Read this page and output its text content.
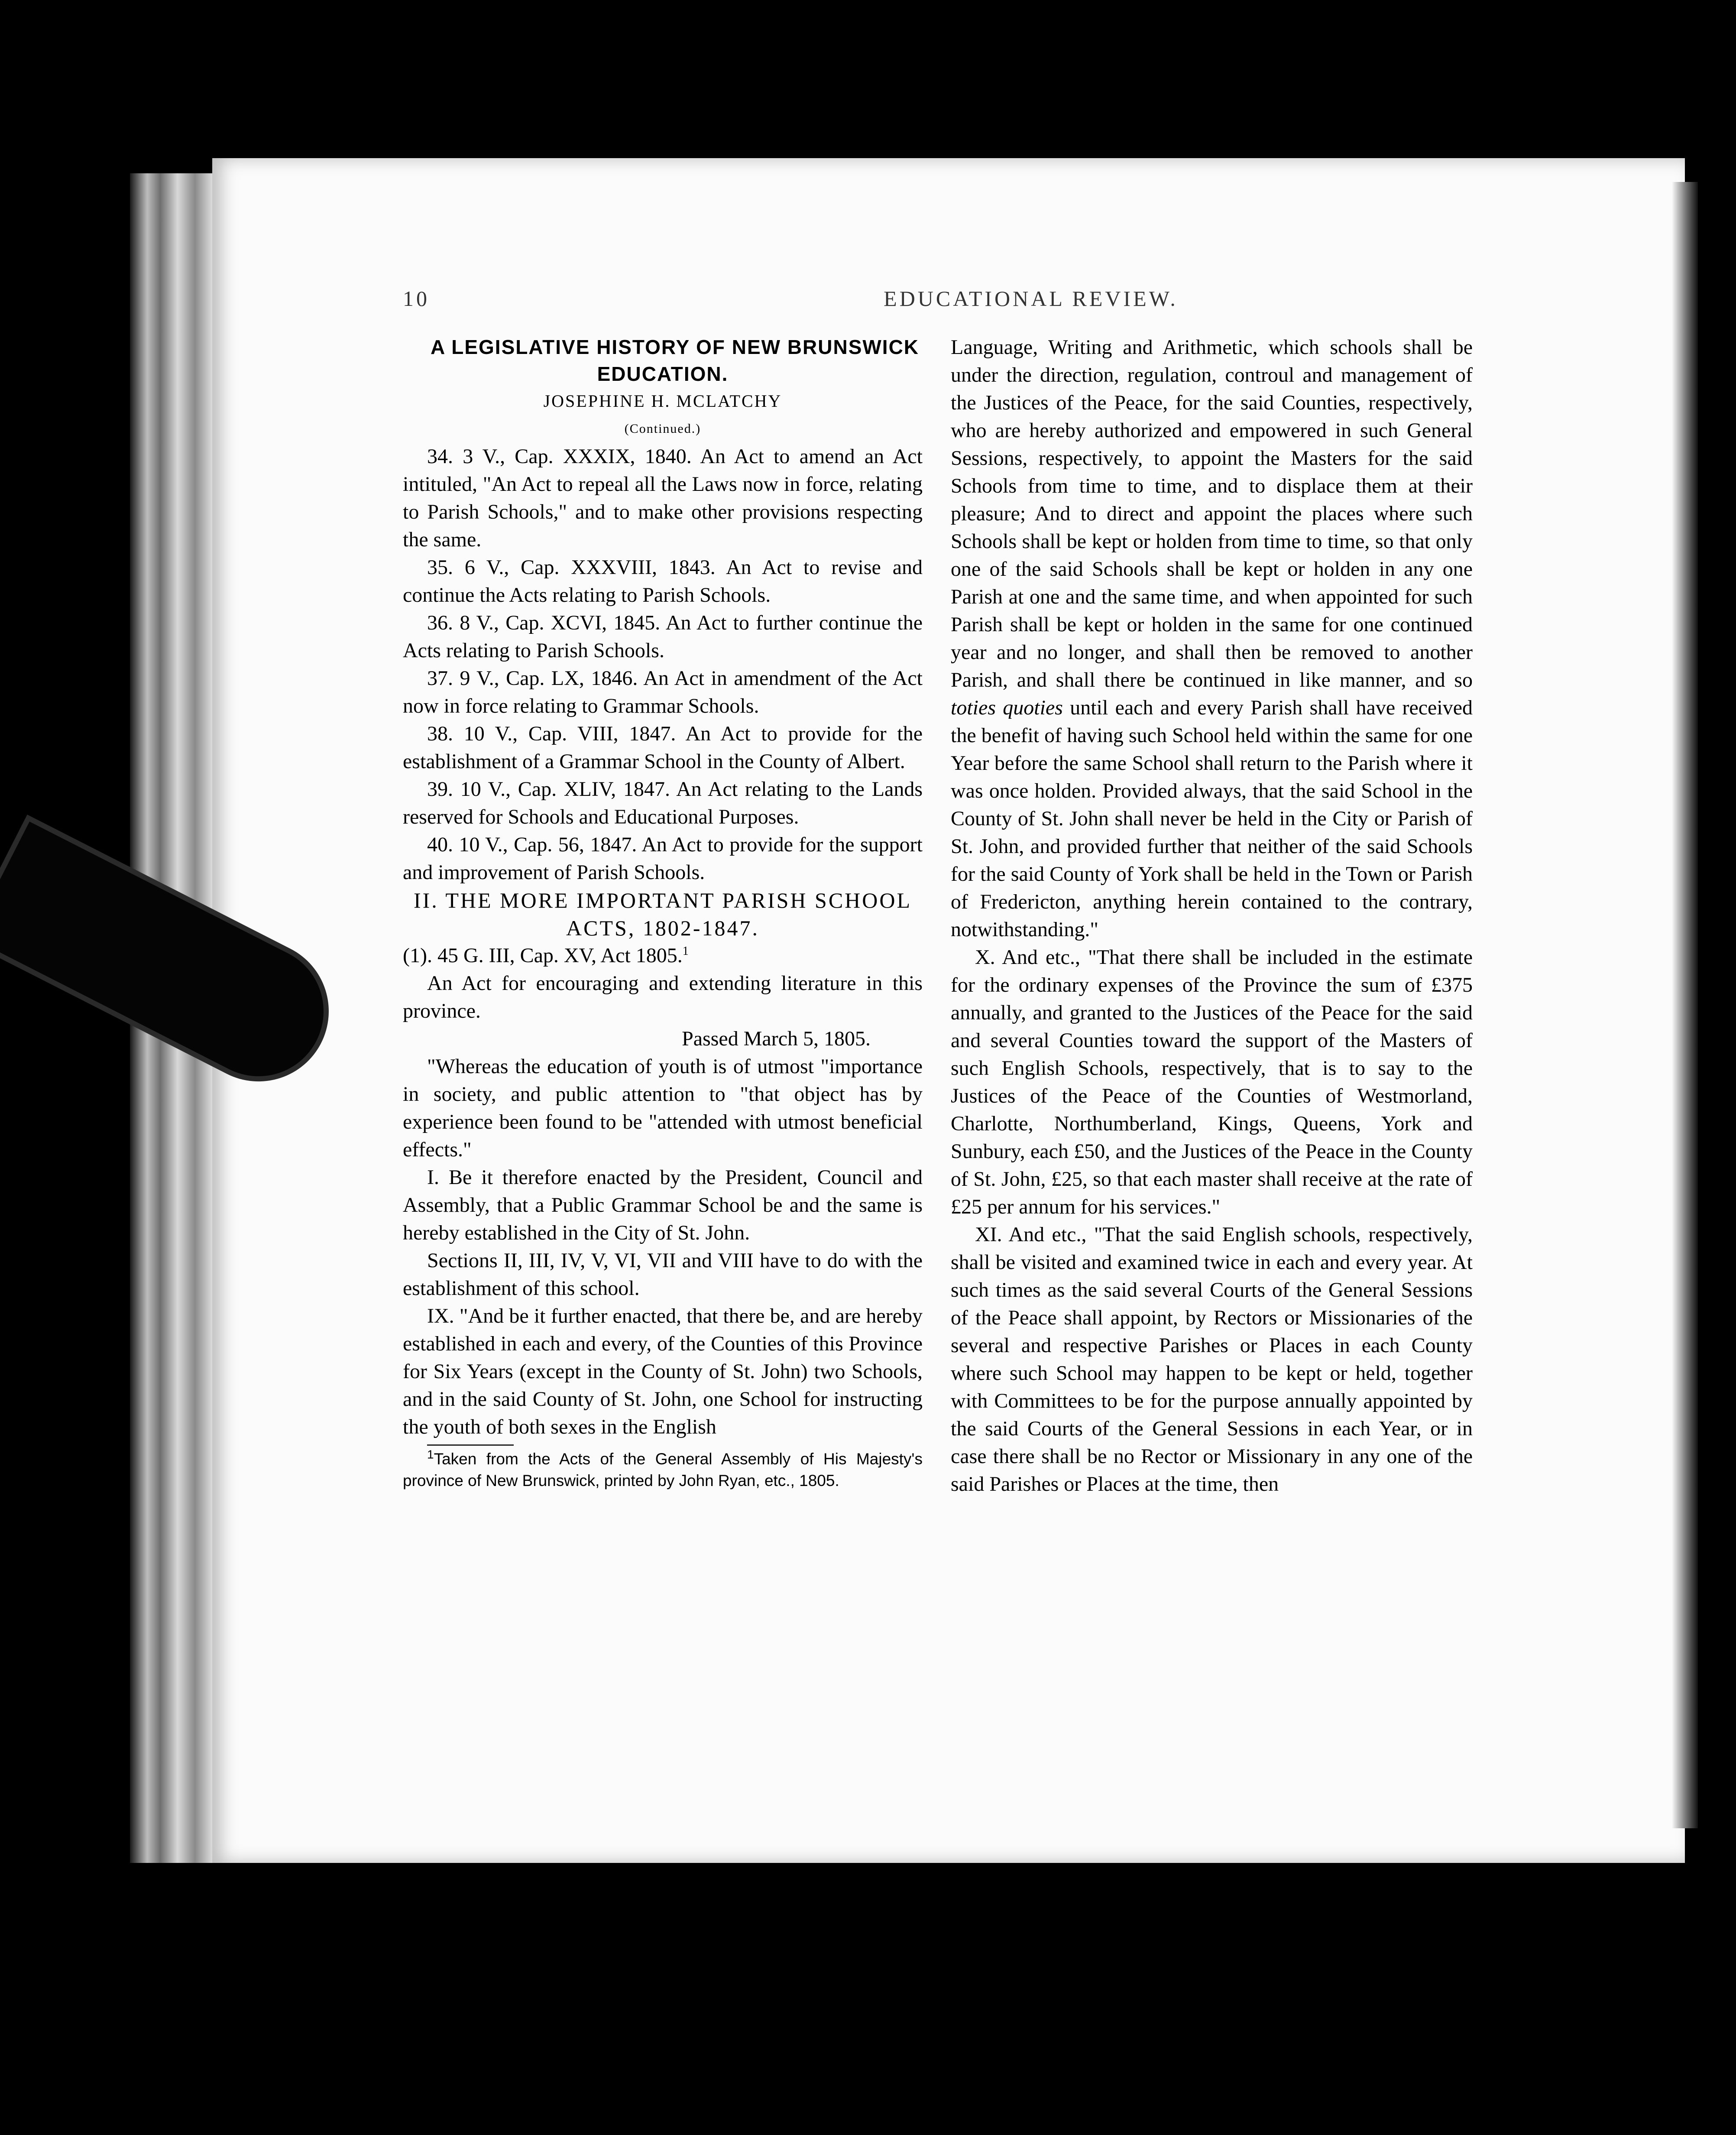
10	EDUCATIONAL REVIEW.

A LEGISLATIVE HISTORY OF NEW BRUNSWICK EDUCATION.

JOSEPHINE H. MCLATCHY

(Continued.)

34. 3 V., Cap. XXXIX, 1840. An Act to amend an Act intituled, "An Act to repeal all the Laws now in force, relating to Parish Schools," and to make other provisions respecting the same.

35. 6 V., Cap. XXXVIII, 1843. An Act to revise and continue the Acts relating to Parish Schools.

36. 8 V., Cap. XCVI, 1845. An Act to further continue the Acts relating to Parish Schools.

37. 9 V., Cap. LX, 1846. An Act in amendment of the Act now in force relating to Grammar Schools.

38. 10 V., Cap. VIII, 1847. An Act to provide for the establishment of a Grammar School in the County of Albert.

39. 10 V., Cap. XLIV, 1847. An Act relating to the Lands reserved for Schools and Educational Purposes.

40. 10 V., Cap. 56, 1847. An Act to provide for the support and improvement of Parish Schools.

II. THE MORE IMPORTANT PARISH SCHOOL ACTS, 1802-1847.

(1). 45 G. III, Cap. XV, Act 1805.$^1$

An Act for encouraging and extending literature in this province.

Passed March 5, 1805.

"Whereas the education of youth is of utmost "importance in society, and public attention to "that object has by experience been found to be "attended with utmost beneficial effects."

I. Be it therefore enacted by the President, Council and Assembly, that a Public Grammar School be and the same is hereby established in the City of St. John.

Sections II, III, IV, V, VI, VII and VIII have to do with the establishment of this school.

IX. "And be it further enacted, that there be, and are hereby established in each and every, of the Counties of this Province for Six Years (except in the County of St. John) two Schools, and in the said County of St. John, one School for instructing the youth of both sexes in the English

$^1$Taken from the Acts of the General Assembly of His Majesty's province of New Brunswick, printed by John Ryan, etc., 1805.

Language, Writing and Arithmetic, which schools shall be under the direction, regulation, controul and management of the Justices of the Peace, for the said Counties, respectively, who are hereby authorized and empowered in such General Sessions, respectively, to appoint the Masters for the said Schools from time to time, and to displace them at their pleasure; And to direct and appoint the places where such Schools shall be kept or holden from time to time, so that only one of the said Schools shall be kept or holden in any one Parish at one and the same time, and when appointed for such Parish shall be kept or holden in the same for one continued year and no longer, and shall then be removed to another Parish, and shall there be continued in like manner, and so toties quoties until each and every Parish shall have received the benefit of having such School held within the same for one Year before the same School shall return to the Parish where it was once holden. Provided always, that the said School in the County of St. John shall never be held in the City or Parish of St. John, and provided further that neither of the said Schools for the said County of York shall be held in the Town or Parish of Fredericton, anything herein contained to the contrary, notwithstanding."

X. And etc., "That there shall be included in the estimate for the ordinary expenses of the Province the sum of £375 annually, and granted to the Justices of the Peace for the said and several Counties toward the support of the Masters of such English Schools, respectively, that is to say to the Justices of the Peace of the Counties of Westmorland, Charlotte, Northumberland, Kings, Queens, York and Sunbury, each £50, and the Justices of the Peace in the County of St. John, £25, so that each master shall receive at the rate of £25 per annum for his services."

XI. And etc., "That the said English schools, respectively, shall be visited and examined twice in each and every year. At such times as the said several Courts of the General Sessions of the Peace shall appoint, by Rectors or Missionaries of the several and respective Parishes or Places in each County where such School may happen to be kept or held, together with Committees to be for the purpose annually appointed by the said Courts of the General Sessions in each Year, or in case there shall be no Rector or Missionary in any one of the said Parishes or Places at the time, then
